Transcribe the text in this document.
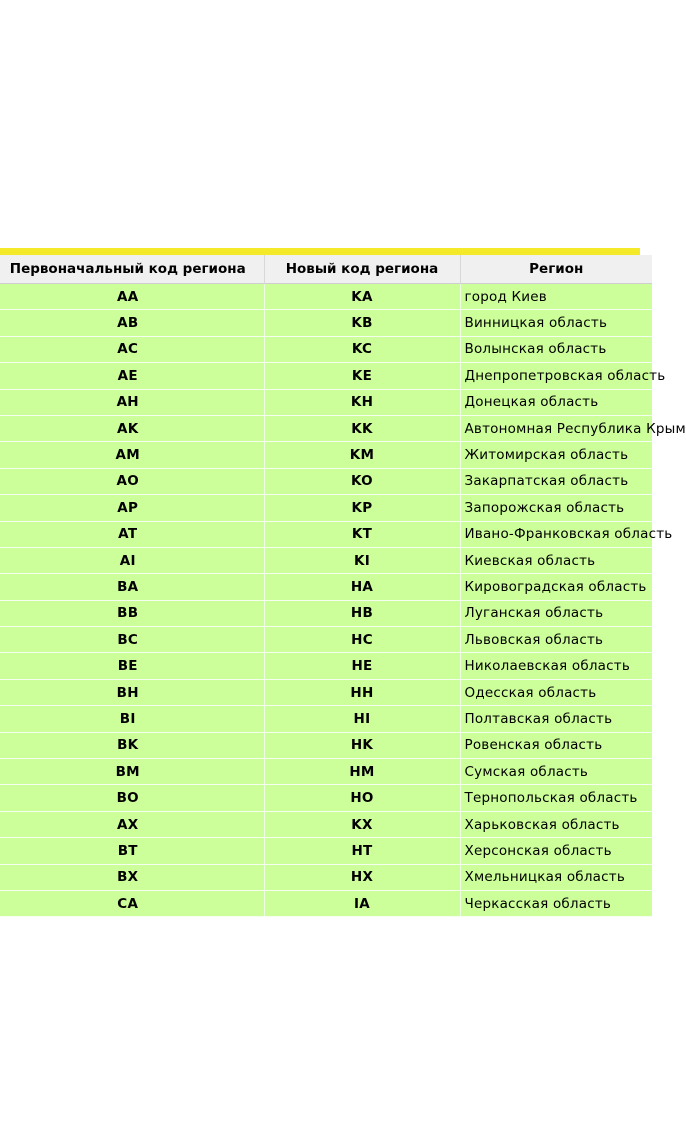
Первоначальный код региона	Новый код региона	Регион
AA	KA	город Киев
AB	KB	Винницкая область
AC	KC	Волынская область
AE	KE	Днепропетровская область
AH	KH	Донецкая область
AK	KK	Автономная Республика Крым
AM	KM	Житомирская область
AO	KO	Закарпатская область
AP	KP	Запорожская область
AT	KT	Ивано-Франковская область
AI	KI	Киевская область
BA	HA	Кировоградская область
BB	HB	Луганская область
BC	HC	Львовская область
BE	HE	Николаевская область
BH	HH	Одесская область
BI	HI	Полтавская область
BK	HK	Ровенская область
BM	HM	Сумская область
BO	HO	Тернопольская область
AX	KX	Харьковская область
BT	HT	Херсонская область
BX	HX	Хмельницкая область
CA	IA	Черкасская область
